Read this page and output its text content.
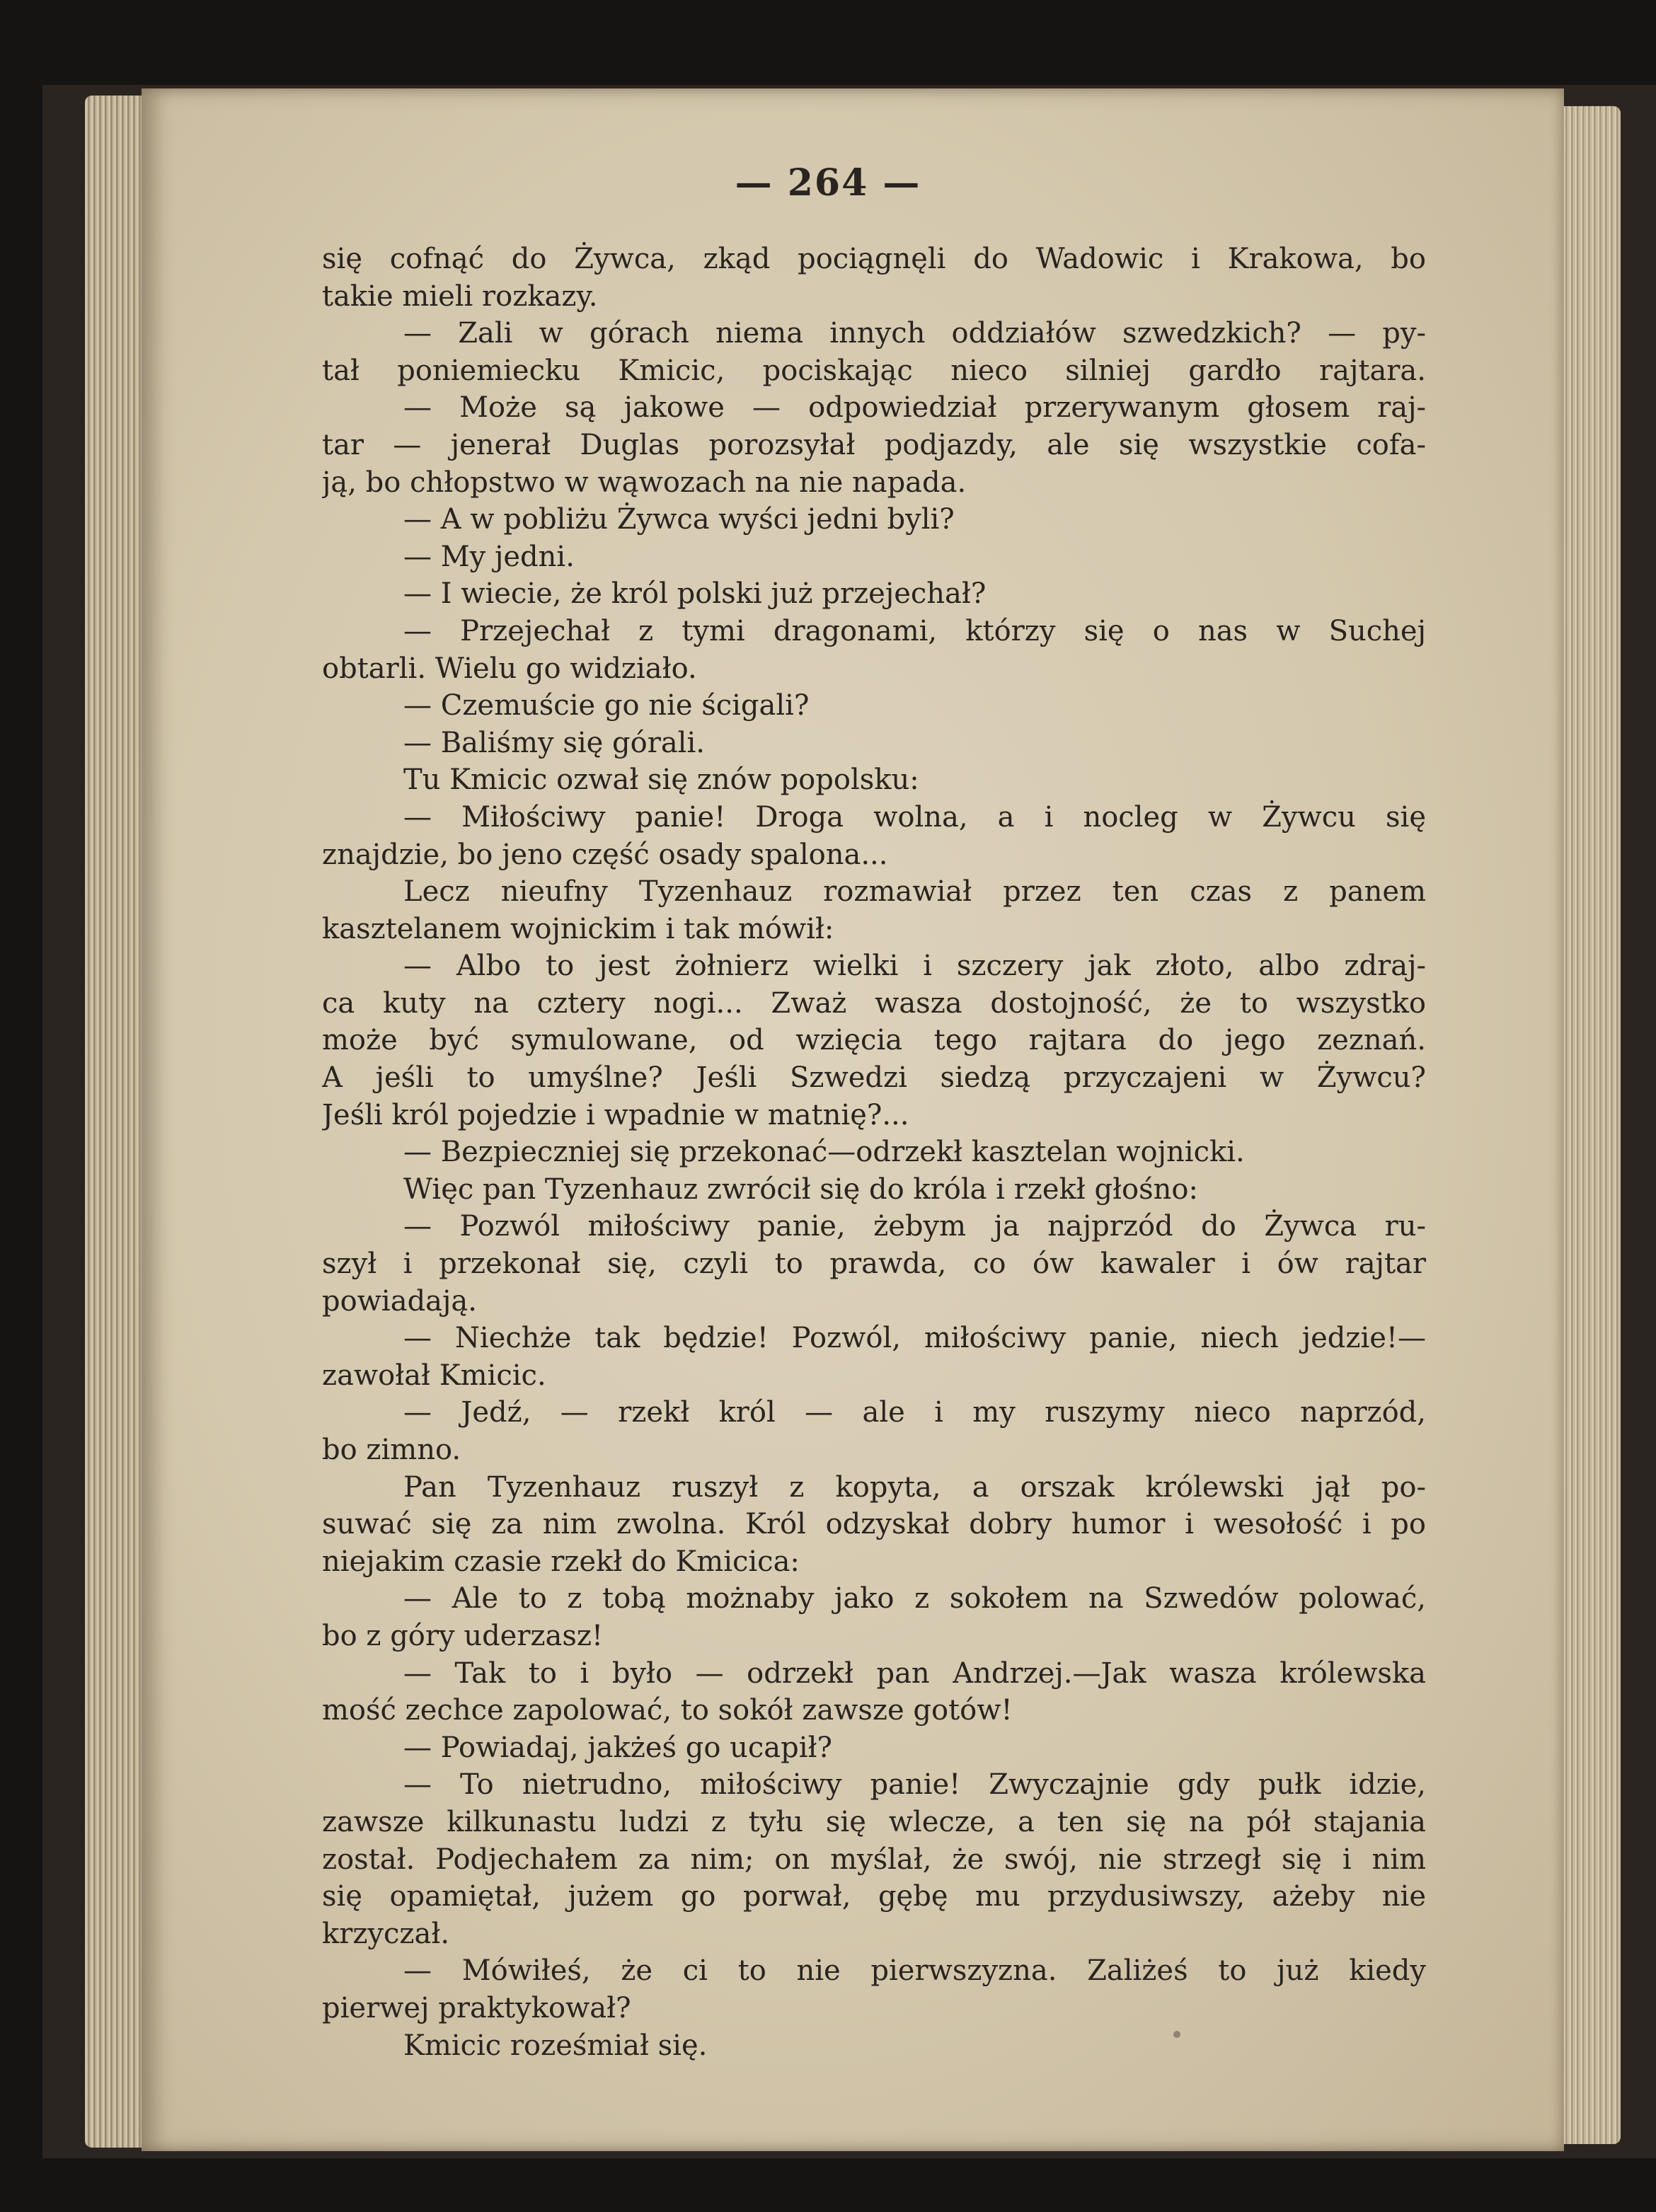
— 264 —
się cofnąć do Żywca, zkąd pociągnęli do Wadowic i Krakowa, bo
takie mieli rozkazy.
— Zali w górach niema innych oddziałów szwedzkich? — py-
tał poniemiecku Kmicic, pociskając nieco silniej gardło rajtara.
— Może są jakowe — odpowiedział przerywanym głosem raj-
tar — jenerał Duglas porozsyłał podjazdy, ale się wszystkie cofa-
ją, bo chłopstwo w wąwozach na nie napada.
— A w pobliżu Żywca wyści jedni byli?
— My jedni.
— I wiecie, że król polski już przejechał?
— Przejechał z tymi dragonami, którzy się o nas w Suchej
obtarli. Wielu go widziało.
— Czemuście go nie ścigali?
— Baliśmy się górali.
Tu Kmicic ozwał się znów popolsku:
— Miłościwy panie! Droga wolna, a i nocleg w Żywcu się
znajdzie, bo jeno część osady spalona...
Lecz nieufny Tyzenhauz rozmawiał przez ten czas z panem
kasztelanem wojnickim i tak mówił:
— Albo to jest żołnierz wielki i szczery jak złoto, albo zdraj-
ca kuty na cztery nogi... Zważ wasza dostojność, że to wszystko
może być symulowane, od wzięcia tego rajtara do jego zeznań.
A jeśli to umyślne? Jeśli Szwedzi siedzą przyczajeni w Żywcu?
Jeśli król pojedzie i wpadnie w matnię?...
— Bezpieczniej się przekonać—odrzekł kasztelan wojnicki.
Więc pan Tyzenhauz zwrócił się do króla i rzekł głośno:
— Pozwól miłościwy panie, żebym ja najprzód do Żywca ru-
szył i przekonał się, czyli to prawda, co ów kawaler i ów rajtar
powiadają.
— Niechże tak będzie! Pozwól, miłościwy panie, niech jedzie!—
zawołał Kmicic.
— Jedź, — rzekł król — ale i my ruszymy nieco naprzód,
bo zimno.
Pan Tyzenhauz ruszył z kopyta, a orszak królewski jął po-
suwać się za nim zwolna. Król odzyskał dobry humor i wesołość i po
niejakim czasie rzekł do Kmicica:
— Ale to z tobą możnaby jako z sokołem na Szwedów polować,
bo z góry uderzasz!
— Tak to i było — odrzekł pan Andrzej.—Jak wasza królewska
mość zechce zapolować, to sokół zawsze gotów!
— Powiadaj, jakżeś go ucapił?
— To nietrudno, miłościwy panie! Zwyczajnie gdy pułk idzie,
zawsze kilkunastu ludzi z tyłu się wlecze, a ten się na pół stajania
został. Podjechałem za nim; on myślał, że swój, nie strzegł się i nim
się opamiętał, jużem go porwał, gębę mu przydusiwszy, ażeby nie
krzyczał.
— Mówiłeś, że ci to nie pierwszyzna. Zaliżeś to już kiedy
pierwej praktykował?
Kmicic roześmiał się.
